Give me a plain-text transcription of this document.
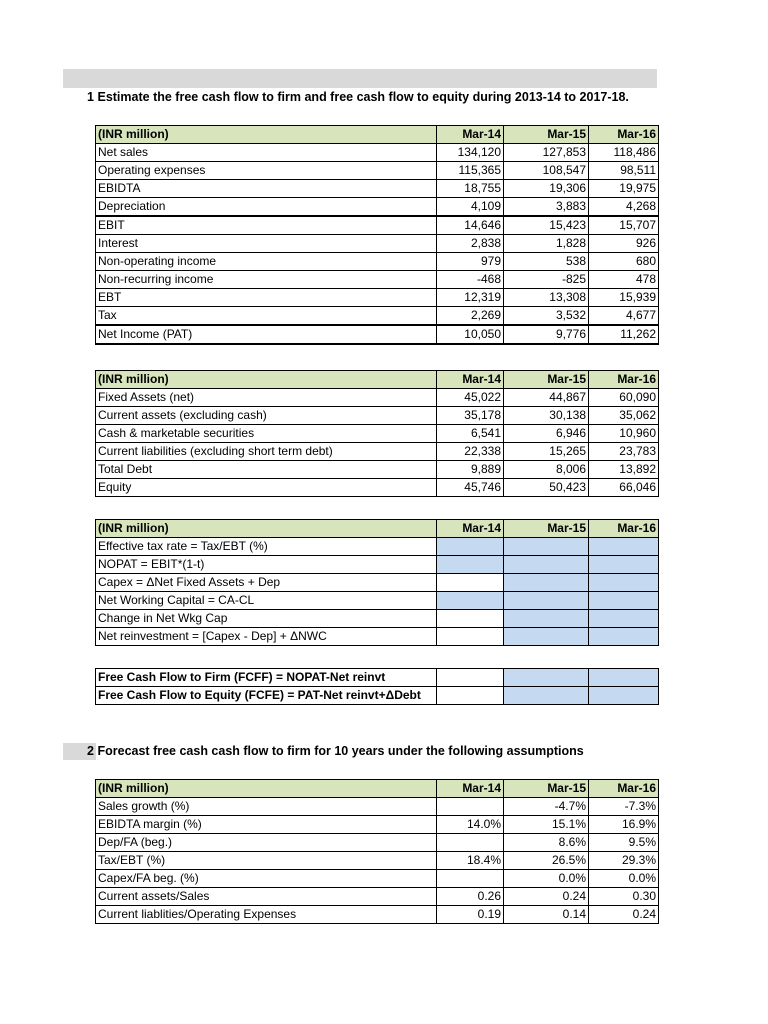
1 Estimate the free cash flow to firm and free cash flow to equity during 2013-14 to 2017-18.
(INR million)	Mar-14	Mar-15	Mar-16
Net sales	134,120	127,853	118,486
Operating expenses	115,365	108,547	98,511
EBIDTA	18,755	19,306	19,975
Depreciation	4,109	3,883	4,268
EBIT	14,646	15,423	15,707
Interest	2,838	1,828	926
Non-operating income	979	538	680
Non-recurring income	-468	-825	478
EBT	12,319	13,308	15,939
Tax	2,269	3,532	4,677
Net Income (PAT)	10,050	9,776	11,262
(INR million)	Mar-14	Mar-15	Mar-16
Fixed Assets (net)	45,022	44,867	60,090
Current assets (excluding cash)	35,178	30,138	35,062
Cash & marketable securities	6,541	6,946	10,960
Current liabilities (excluding short term debt)	22,338	15,265	23,783
Total Debt	9,889	8,006	13,892
Equity	45,746	50,423	66,046
(INR million)	Mar-14	Mar-15	Mar-16
Effective tax rate = Tax/EBT (%)			
NOPAT = EBIT*(1-t)			
Capex = ΔNet Fixed Assets + Dep			
Net Working Capital = CA-CL			
Change in Net Wkg Cap			
Net reinvestment = [Capex - Dep] + ΔNWC			
Free Cash Flow to Firm (FCFF) = NOPAT-Net reinvt			
Free Cash Flow to Equity (FCFE) = PAT-Net reinvt+ΔDebt			
2 Forecast free cash cash flow to firm for 10 years under the following assumptions
(INR million)	Mar-14	Mar-15	Mar-16
Sales growth (%)		-4.7%	-7.3%
EBIDTA margin (%)	14.0%	15.1%	16.9%
Dep/FA (beg.)		8.6%	9.5%
Tax/EBT (%)	18.4%	26.5%	29.3%
Capex/FA beg. (%)		0.0%	0.0%
Current assets/Sales	0.26	0.24	0.30
Current liablities/Operating Expenses	0.19	0.14	0.24
